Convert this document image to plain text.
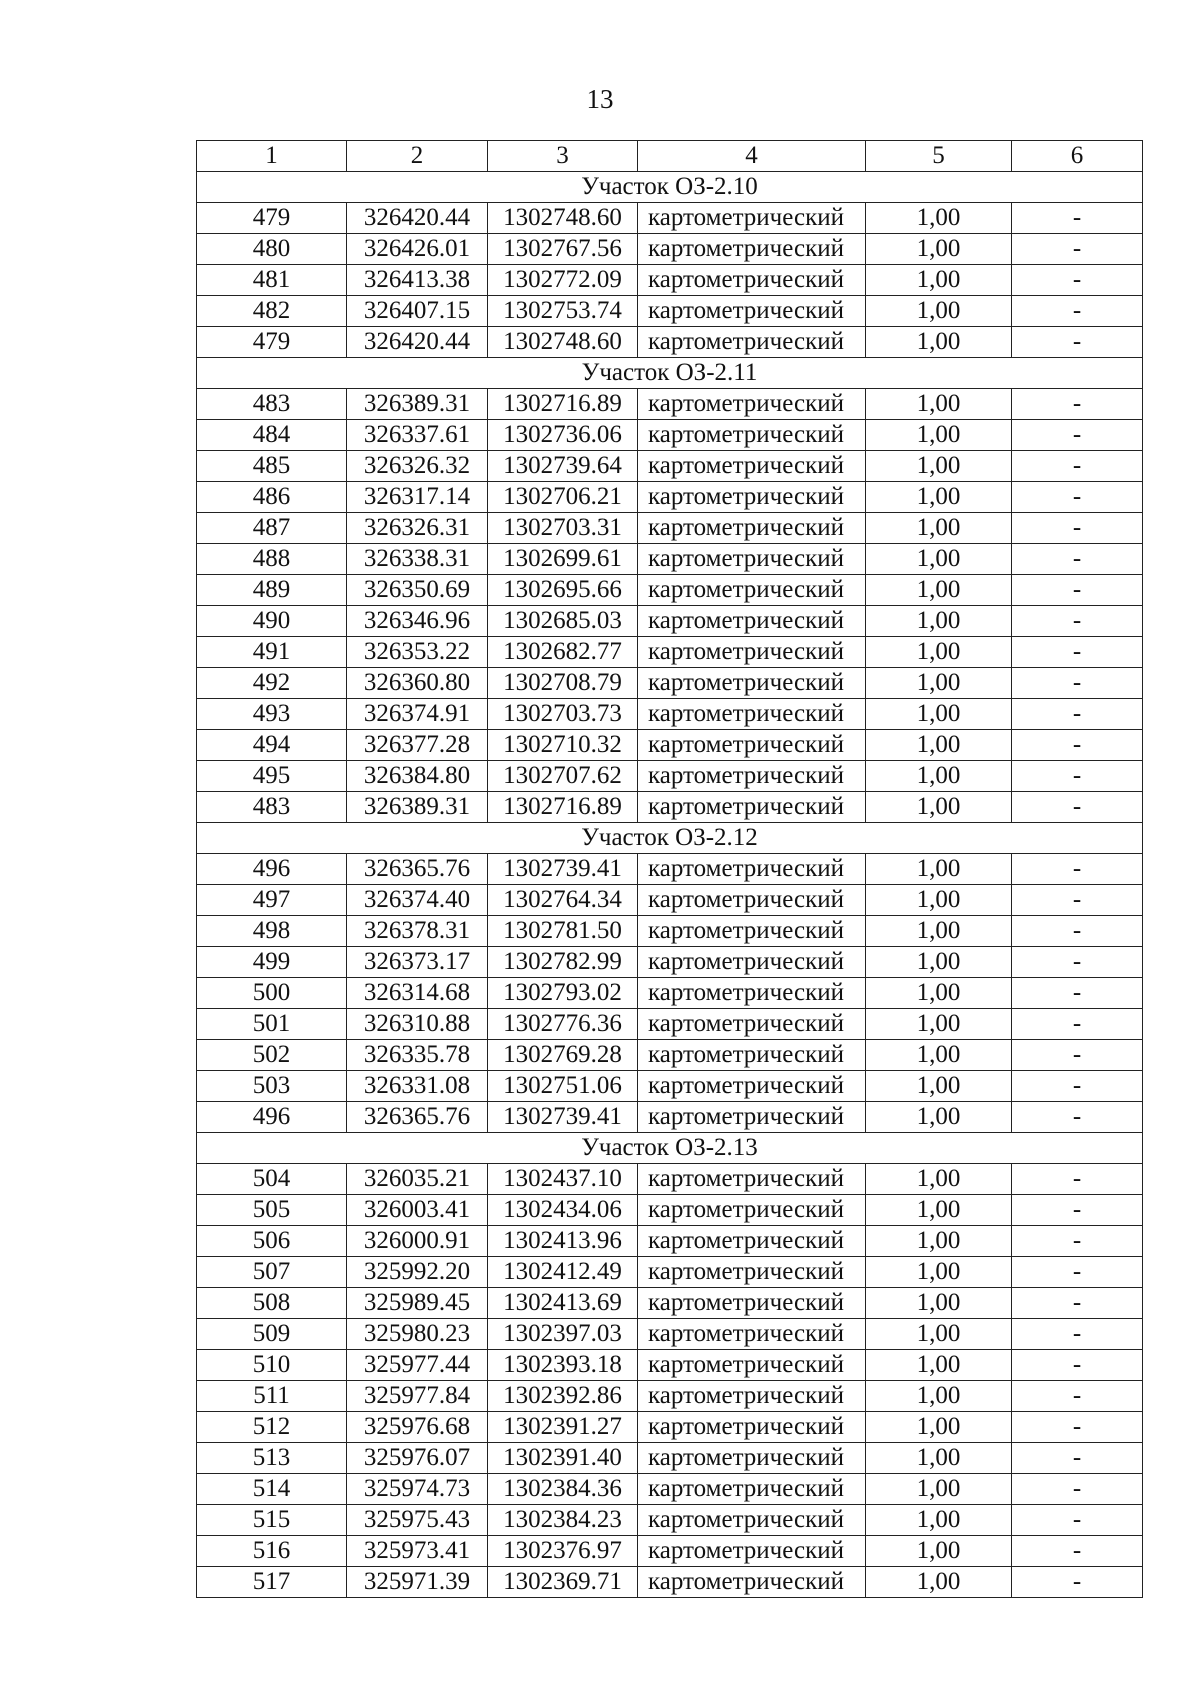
13
1	2	3	4	5	6
Участок ОЗ-2.10					
479	326420.44	1302748.60	картометрический	1,00	-
480	326426.01	1302767.56	картометрический	1,00	-
481	326413.38	1302772.09	картометрический	1,00	-
482	326407.15	1302753.74	картометрический	1,00	-
479	326420.44	1302748.60	картометрический	1,00	-
Участок ОЗ-2.11					
483	326389.31	1302716.89	картометрический	1,00	-
484	326337.61	1302736.06	картометрический	1,00	-
485	326326.32	1302739.64	картометрический	1,00	-
486	326317.14	1302706.21	картометрический	1,00	-
487	326326.31	1302703.31	картометрический	1,00	-
488	326338.31	1302699.61	картометрический	1,00	-
489	326350.69	1302695.66	картометрический	1,00	-
490	326346.96	1302685.03	картометрический	1,00	-
491	326353.22	1302682.77	картометрический	1,00	-
492	326360.80	1302708.79	картометрический	1,00	-
493	326374.91	1302703.73	картометрический	1,00	-
494	326377.28	1302710.32	картометрический	1,00	-
495	326384.80	1302707.62	картометрический	1,00	-
483	326389.31	1302716.89	картометрический	1,00	-
Участок ОЗ-2.12					
496	326365.76	1302739.41	картометрический	1,00	-
497	326374.40	1302764.34	картометрический	1,00	-
498	326378.31	1302781.50	картометрический	1,00	-
499	326373.17	1302782.99	картометрический	1,00	-
500	326314.68	1302793.02	картометрический	1,00	-
501	326310.88	1302776.36	картометрический	1,00	-
502	326335.78	1302769.28	картометрический	1,00	-
503	326331.08	1302751.06	картометрический	1,00	-
496	326365.76	1302739.41	картометрический	1,00	-
Участок ОЗ-2.13					
504	326035.21	1302437.10	картометрический	1,00	-
505	326003.41	1302434.06	картометрический	1,00	-
506	326000.91	1302413.96	картометрический	1,00	-
507	325992.20	1302412.49	картометрический	1,00	-
508	325989.45	1302413.69	картометрический	1,00	-
509	325980.23	1302397.03	картометрический	1,00	-
510	325977.44	1302393.18	картометрический	1,00	-
511	325977.84	1302392.86	картометрический	1,00	-
512	325976.68	1302391.27	картометрический	1,00	-
513	325976.07	1302391.40	картометрический	1,00	-
514	325974.73	1302384.36	картометрический	1,00	-
515	325975.43	1302384.23	картометрический	1,00	-
516	325973.41	1302376.97	картометрический	1,00	-
517	325971.39	1302369.71	картометрический	1,00	-
